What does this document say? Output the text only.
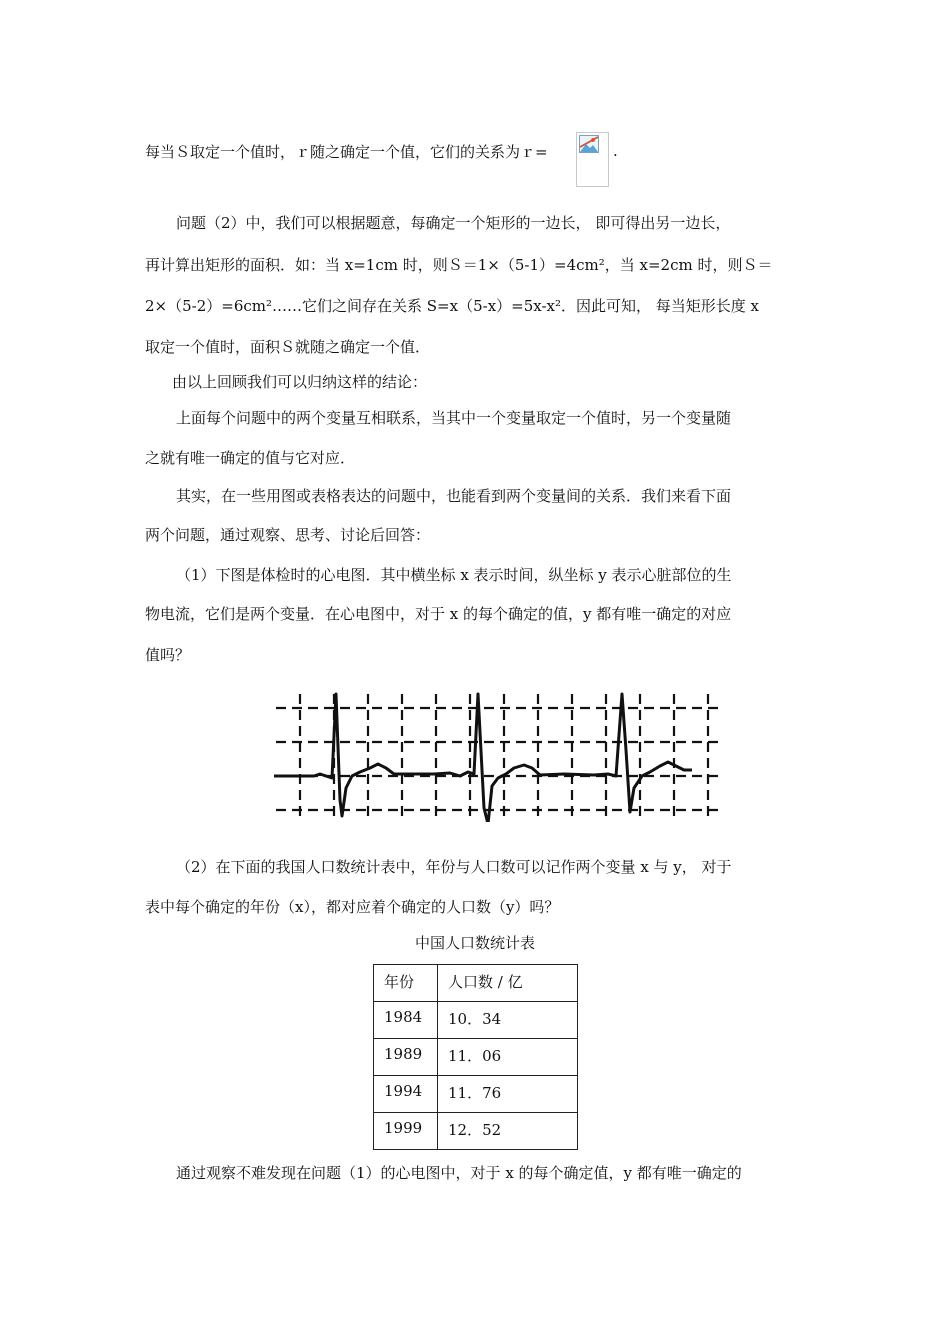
每当Ｓ取定一个值时，ｒ随之确定一个值，它们的关系为ｒ=	.
问题（2）中，我们可以根据题意，每确定一个矩形的一边长， 即可得出另一边长，
再计算出矩形的面积．如：当 x=1cm 时，则Ｓ＝1×（5-1）=4cm²，当 x=2cm 时，则Ｓ＝
2×（5-2）=6cm²……它们之间存在关系 S=x（5-x）=5x-x²．因此可知， 每当矩形长度 x
取定一个值时，面积Ｓ就随之确定一个值．
由以上回顾我们可以归纳这样的结论：
上面每个问题中的两个变量互相联系，当其中一个变量取定一个值时，另一个变量随
之就有唯一确定的值与它对应．
其实，在一些用图或表格表达的问题中，也能看到两个变量间的关系．我们来看下面
两个问题，通过观察、思考、讨论后回答：
（1）下图是体检时的心电图．其中横坐标 x 表示时间，纵坐标 y 表示心脏部位的生
物电流，它们是两个变量．在心电图中，对于 x 的每个确定的值，y 都有唯一确定的对应
值吗？
（2）在下面的我国人口数统计表中，年份与人口数可以记作两个变量 x 与 y， 对于
表中每个确定的年份（x），都对应着个确定的人口数（y）吗？
中国人口数统计表
年份	人口数 / 亿
1984	10．34
1989	11．06
1994	11．76
1999	12．52
通过观察不难发现在问题（1）的心电图中，对于 x 的每个确定值，y 都有唯一确定的
